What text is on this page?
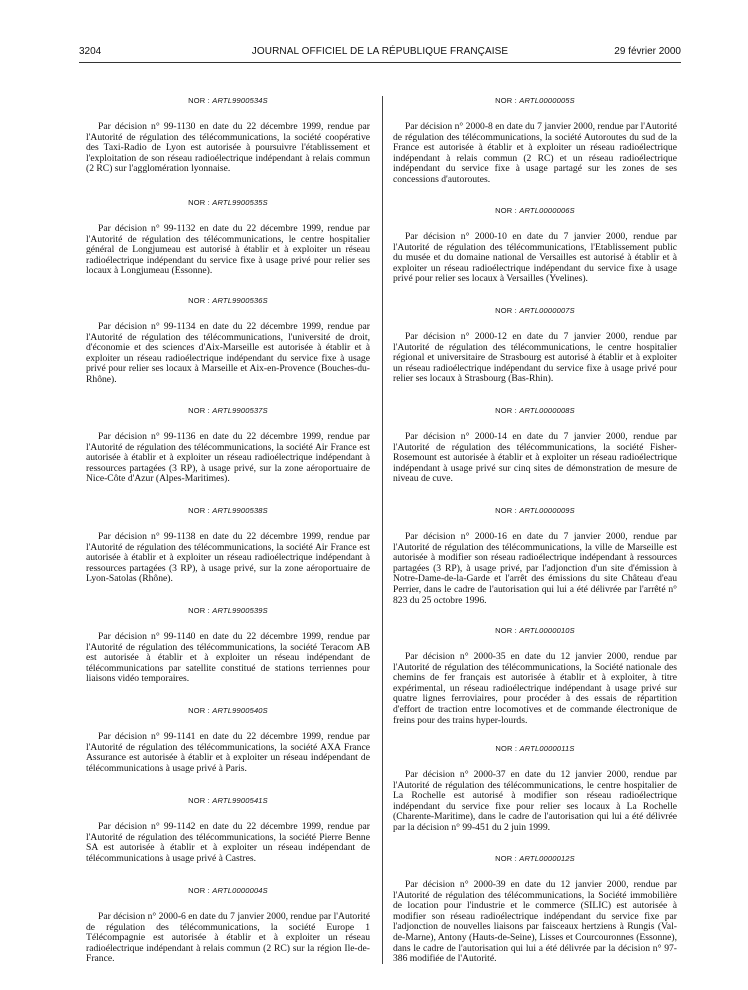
3204	JOURNAL OFFICIEL DE LA RÉPUBLIQUE FRANÇAISE	29 février 2000
NOR : ARTL9900534S
Par décision n° 99-1130 en date du 22 décembre 1999, rendue par l'Autorité de régulation des télécommunications, la société coopérative des Taxi-Radio de Lyon est autorisée à poursuivre l'établissement et l'exploitation de son réseau radioélectrique indépendant à relais commun (2 RC) sur l'agglomération lyonnaise.
NOR : ARTL9900535S
Par décision n° 99-1132 en date du 22 décembre 1999, rendue par l'Autorité de régulation des télécommunications, le centre hospitalier général de Longjumeau est autorisé à établir et à exploiter un réseau radioélectrique indépendant du service fixe à usage privé pour relier ses locaux à Longjumeau (Essonne).
NOR : ARTL9900536S
Par décision n° 99-1134 en date du 22 décembre 1999, rendue par l'Autorité de régulation des télécommunications, l'université de droit, d'économie et des sciences d'Aix-Marseille est autorisée à établir et à exploiter un réseau radioélectrique indépendant du service fixe à usage privé pour relier ses locaux à Marseille et Aix-en-Provence (Bouches-du-Rhône).
NOR : ARTL9900537S
Par décision n° 99-1136 en date du 22 décembre 1999, rendue par l'Autorité de régulation des télécommunications, la société Air France est autorisée à établir et à exploiter un réseau radioélectrique indépendant à ressources partagées (3 RP), à usage privé, sur la zone aéroportuaire de Nice-Côte d'Azur (Alpes-Maritimes).
NOR : ARTL9900538S
Par décision n° 99-1138 en date du 22 décembre 1999, rendue par l'Autorité de régulation des télécommunications, la société Air France est autorisée à établir et à exploiter un réseau radioélectrique indépendant à ressources partagées (3 RP), à usage privé, sur la zone aéroportuaire de Lyon-Satolas (Rhône).
NOR : ARTL9900539S
Par décision n° 99-1140 en date du 22 décembre 1999, rendue par l'Autorité de régulation des télécommunications, la société Teracom AB est autorisée à établir et à exploiter un réseau indépendant de télécommunications par satellite constitué de stations terriennes pour liaisons vidéo temporaires.
NOR : ARTL9900540S
Par décision n° 99-1141 en date du 22 décembre 1999, rendue par l'Autorité de régulation des télécommunications, la société AXA France Assurance est autorisée à établir et à exploiter un réseau indépendant de télécommunications à usage privé à Paris.
NOR : ARTL9900541S
Par décision n° 99-1142 en date du 22 décembre 1999, rendue par l'Autorité de régulation des télécommunications, la société Pierre Benne SA est autorisée à établir et à exploiter un réseau indépendant de télécommunications à usage privé à Castres.
NOR : ARTL0000004S
Par décision n° 2000-6 en date du 7 janvier 2000, rendue par l'Autorité de régulation des télécommunications, la société Europe 1 Télécompagnie est autorisée à établir et à exploiter un réseau radioélectrique indépendant à relais commun (2 RC) sur la région Ile-de-France.
NOR : ARTL0000005S
Par décision n° 2000-8 en date du 7 janvier 2000, rendue par l'Autorité de régulation des télécommunications, la société Autoroutes du sud de la France est autorisée à établir et à exploiter un réseau radioélectrique indépendant à relais commun (2 RC) et un réseau radioélectrique indépendant du service fixe à usage partagé sur les zones de ses concessions d'autoroutes.
NOR : ARTL0000006S
Par décision n° 2000-10 en date du 7 janvier 2000, rendue par l'Autorité de régulation des télécommunications, l'Etablissement public du musée et du domaine national de Versailles est autorisé à établir et à exploiter un réseau radioélectrique indépendant du service fixe à usage privé pour relier ses locaux à Versailles (Yvelines).
NOR : ARTL0000007S
Par décision n° 2000-12 en date du 7 janvier 2000, rendue par l'Autorité de régulation des télécommunications, le centre hospitalier régional et universitaire de Strasbourg est autorisé à établir et à exploiter un réseau radioélectrique indépendant du service fixe à usage privé pour relier ses locaux à Strasbourg (Bas-Rhin).
NOR : ARTL0000008S
Par décision n° 2000-14 en date du 7 janvier 2000, rendue par l'Autorité de régulation des télécommunications, la société Fisher-Rosemount est autorisée à établir et à exploiter un réseau radioélectrique indépendant à usage privé sur cinq sites de démonstration de mesure de niveau de cuve.
NOR : ARTL0000009S
Par décision n° 2000-16 en date du 7 janvier 2000, rendue par l'Autorité de régulation des télécommunications, la ville de Marseille est autorisée à modifier son réseau radioélectrique indépendant à ressources partagées (3 RP), à usage privé, par l'adjonction d'un site d'émission à Notre-Dame-de-la-Garde et l'arrêt des émissions du site Château d'eau Perrier, dans le cadre de l'autorisation qui lui a été délivrée par l'arrêté n° 823 du 25 octobre 1996.
NOR : ARTL0000010S
Par décision n° 2000-35 en date du 12 janvier 2000, rendue par l'Autorité de régulation des télécommunications, la Société nationale des chemins de fer français est autorisée à établir et à exploiter, à titre expérimental, un réseau radioélectrique indépendant à usage privé sur quatre lignes ferroviaires, pour procéder à des essais de répartition d'effort de traction entre locomotives et de commande électronique de freins pour des trains hyper-lourds.
NOR : ARTL0000011S
Par décision n° 2000-37 en date du 12 janvier 2000, rendue par l'Autorité de régulation des télécommunications, le centre hospitalier de La Rochelle est autorisé à modifier son réseau radioélectrique indépendant du service fixe pour relier ses locaux à La Rochelle (Charente-Maritime), dans le cadre de l'autorisation qui lui a été délivrée par la décision n° 99-451 du 2 juin 1999.
NOR : ARTL0000012S
Par décision n° 2000-39 en date du 12 janvier 2000, rendue par l'Autorité de régulation des télécommunications, la Société immobilière de location pour l'industrie et le commerce (SILIC) est autorisée à modifier son réseau radioélectrique indépendant du service fixe par l'adjonction de nouvelles liaisons par faisceaux hertziens à Rungis (Val-de-Marne), Antony (Hauts-de-Seine), Lisses et Courcouronnes (Essonne), dans le cadre de l'autorisation qui lui a été délivrée par la décision n° 97-386 modifiée de l'Autorité.
